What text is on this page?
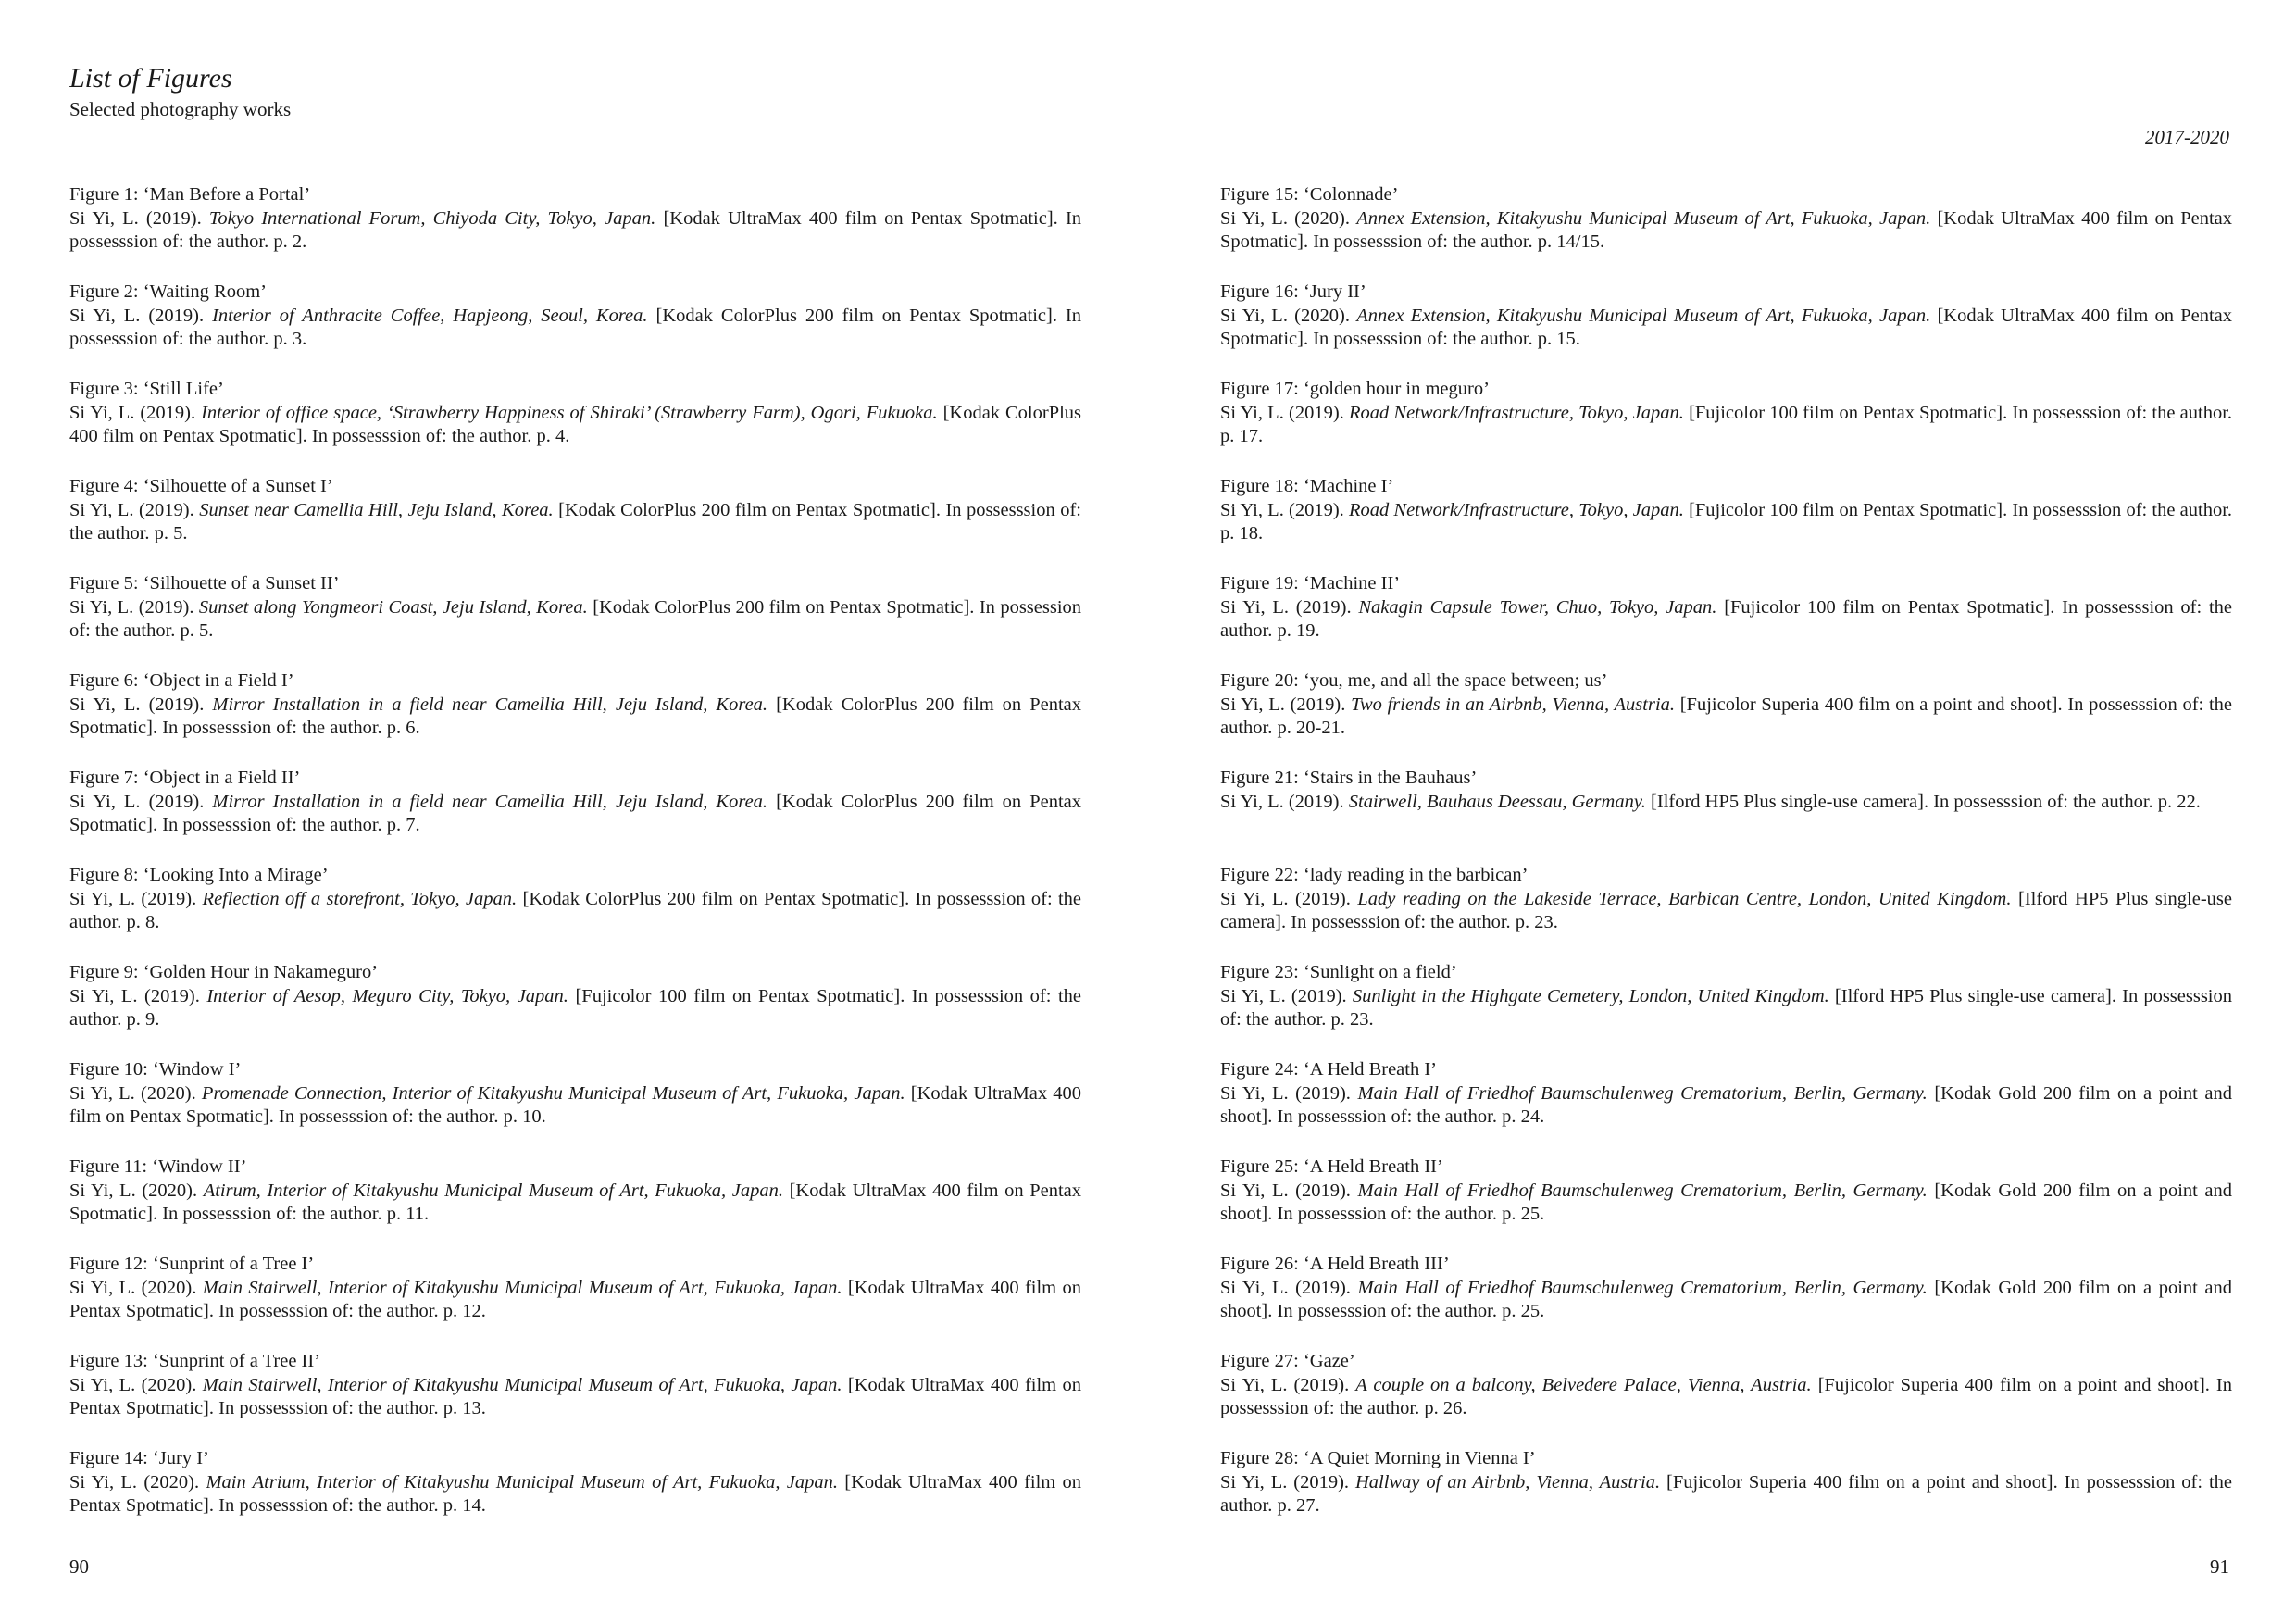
List of Figures
Selected photography works
Figure 1: ‘Man Before a Portal’
Si Yi, L. (2019). Tokyo International Forum, Chiyoda City, Tokyo, Japan. [Kodak UltraMax 400 film on Pentax Spotmatic]. In possesssion of: the author. p. 2.
Figure 2: ‘Waiting Room’
Si Yi, L. (2019). Interior of Anthracite Coffee, Hapjeong, Seoul, Korea. [Kodak ColorPlus 200 film on Pentax Spotmatic]. In possesssion of: the author. p. 3.
Figure 3: ‘Still Life’
Si Yi, L. (2019). Interior of office space, ‘Strawberry Happiness of Shiraki’ (Strawberry Farm), Ogori, Fukuoka. [Kodak ColorPlus 400 film on Pentax Spotmatic]. In possesssion of: the author. p. 4.
Figure 4: ‘Silhouette of a Sunset I’
Si Yi, L. (2019). Sunset near Camellia Hill, Jeju Island, Korea. [Kodak ColorPlus 200 film on Pentax Spotmatic]. In possesssion of: the author. p. 5.
Figure 5: ‘Silhouette of a Sunset II’
Si Yi, L. (2019). Sunset along Yongmeori Coast, Jeju Island, Korea. [Kodak ColorPlus 200 film on Pentax Spotmatic]. In possession of: the author. p. 5.
Figure 6: ‘Object in a Field I’
Si Yi, L. (2019). Mirror Installation in a field near Camellia Hill, Jeju Island, Korea. [Kodak ColorPlus 200 film on Pentax Spotmatic]. In possesssion of: the author. p. 6.
Figure 7: ‘Object in a Field II’
Si Yi, L. (2019). Mirror Installation in a field near Camellia Hill, Jeju Island, Korea. [Kodak ColorPlus 200 film on Pentax Spotmatic]. In possesssion of: the author. p. 7.
Figure 8: ‘Looking Into a Mirage’
Si Yi, L. (2019). Reflection off a storefront, Tokyo, Japan. [Kodak ColorPlus 200 film on Pentax Spotmatic]. In possesssion of: the author. p. 8.
Figure 9: ‘Golden Hour in Nakameguro’
Si Yi, L. (2019). Interior of Aesop, Meguro City, Tokyo, Japan. [Fujicolor 100 film on Pentax Spotmatic]. In possesssion of: the author. p. 9.
Figure 10: ‘Window I’
Si Yi, L. (2020). Promenade Connection, Interior of Kitakyushu Municipal Museum of Art, Fukuoka, Japan. [Kodak UltraMax 400 film on Pentax Spotmatic]. In possesssion of: the author. p. 10.
Figure 11: ‘Window II’
Si Yi, L. (2020). Atirum, Interior of Kitakyushu Municipal Museum of Art, Fukuoka, Japan. [Kodak UltraMax 400 film on Pentax Spotmatic]. In possesssion of: the author. p. 11.
Figure 12: ‘Sunprint of a Tree I’
Si Yi, L. (2020). Main Stairwell, Interior of Kitakyushu Municipal Museum of Art, Fukuoka, Japan. [Kodak UltraMax 400 film on Pentax Spotmatic]. In possesssion of: the author. p. 12.
Figure 13: ‘Sunprint of a Tree II’
Si Yi, L. (2020). Main Stairwell, Interior of Kitakyushu Municipal Museum of Art, Fukuoka, Japan. [Kodak UltraMax 400 film on Pentax Spotmatic]. In possesssion of: the author. p. 13.
Figure 14: ‘Jury I’
Si Yi, L. (2020). Main Atrium, Interior of Kitakyushu Municipal Museum of Art, Fukuoka, Japan. [Kodak UltraMax 400 film on Pentax Spotmatic]. In possesssion of: the author. p. 14.
90
2017-2020
Figure 15: ‘Colonnade’
Si Yi, L. (2020). Annex Extension, Kitakyushu Municipal Museum of Art, Fukuoka, Japan. [Kodak UltraMax 400 film on Pentax Spotmatic]. In possesssion of: the author. p. 14/15.
Figure 16: ‘Jury II’
Si Yi, L. (2020). Annex Extension, Kitakyushu Municipal Museum of Art, Fukuoka, Japan. [Kodak UltraMax 400 film on Pentax Spotmatic]. In possesssion of: the author. p. 15.
Figure 17: ‘golden hour in meguro’
Si Yi, L. (2019). Road Network/Infrastructure, Tokyo, Japan. [Fujicolor 100 film on Pentax Spotmatic]. In possesssion of: the author. p. 17.
Figure 18: ‘Machine I’
Si Yi, L. (2019). Road Network/Infrastructure, Tokyo, Japan. [Fujicolor 100 film on Pentax Spotmatic]. In possesssion of: the author. p. 18.
Figure 19: ‘Machine II’
Si Yi, L. (2019). Nakagin Capsule Tower, Chuo, Tokyo, Japan. [Fujicolor 100 film on Pentax Spotmatic]. In possesssion of: the author. p. 19.
Figure 20: ‘you, me, and all the space between; us’
Si Yi, L. (2019). Two friends in an Airbnb, Vienna, Austria. [Fujicolor Superia 400 film on a point and shoot]. In possesssion of: the author. p. 20-21.
Figure 21: ‘Stairs in the Bauhaus’
Si Yi, L. (2019). Stairwell, Bauhaus Deessau, Germany. [Ilford HP5 Plus single-use camera]. In possesssion of: the author. p. 22.
Figure 22: ‘lady reading in the barbican’
Si Yi, L. (2019). Lady reading on the Lakeside Terrace, Barbican Centre, London, United Kingdom. [Ilford HP5 Plus single-use camera]. In possesssion of: the author. p. 23.
Figure 23: ‘Sunlight on a field’
Si Yi, L. (2019). Sunlight in the Highgate Cemetery, London, United Kingdom. [Ilford HP5 Plus single-use camera]. In possesssion of: the author. p. 23.
Figure 24: ‘A Held Breath I’
Si Yi, L. (2019). Main Hall of Friedhof Baumschulenweg Crematorium, Berlin, Germany. [Kodak Gold 200 film on a point and shoot]. In possesssion of: the author. p. 24.
Figure 25: ‘A Held Breath II’
Si Yi, L. (2019). Main Hall of Friedhof Baumschulenweg Crematorium, Berlin, Germany. [Kodak Gold 200 film on a point and shoot]. In possesssion of: the author. p. 25.
Figure 26: ‘A Held Breath III’
Si Yi, L. (2019). Main Hall of Friedhof Baumschulenweg Crematorium, Berlin, Germany. [Kodak Gold 200 film on a point and shoot]. In possesssion of: the author. p. 25.
Figure 27: ‘Gaze’
Si Yi, L. (2019). A couple on a balcony, Belvedere Palace, Vienna, Austria. [Fujicolor Superia 400 film on a point and shoot]. In possesssion of: the author. p. 26.
Figure 28: ‘A Quiet Morning in Vienna I’
Si Yi, L. (2019). Hallway of an Airbnb, Vienna, Austria. [Fujicolor Superia 400 film on a point and shoot]. In possesssion of: the author. p. 27.
91
